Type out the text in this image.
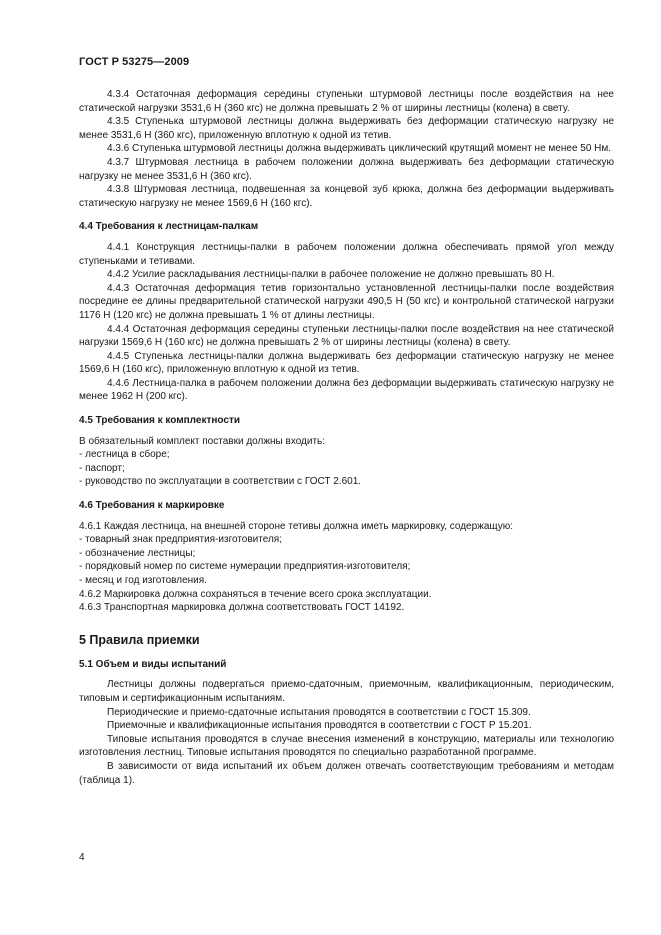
ГОСТ Р 53275—2009

4.3.4 Остаточная деформация середины ступеньки штурмовой лестницы после воздействия на нее статической нагрузки 3531,6 Н (360 кгс) не должна превышать 2 % от ширины лестницы (колена) в свету.

4.3.5 Ступенька штурмовой лестницы должна выдерживать без деформации статическую нагрузку не менее 3531,6 Н (360 кгс), приложенную вплотную к одной из тетив.

4.3.6 Ступенька штурмовой лестницы должна выдерживать циклический крутящий момент не менее 50 Нм.

4.3.7 Штурмовая лестница в рабочем положении должна выдерживать без деформации статическую нагрузку не менее 3531,6 Н (360 кгс).

4.3.8 Штурмовая лестница, подвешенная за концевой зуб крюка, должна без деформации выдерживать статическую нагрузку не менее 1569,6 Н (160 кгс).

4.4 Требования к лестницам-палкам

4.4.1 Конструкция лестницы-палки в рабочем положении должна обеспечивать прямой угол между ступеньками и тетивами.

4.4.2 Усилие раскладывания лестницы-палки в рабочее положение не должно превышать 80 Н.

4.4.3 Остаточная деформация тетив горизонтально установленной лестницы-палки после воздействия посредине ее длины предварительной статической нагрузки 490,5 Н (50 кгс) и контрольной статической нагрузки 1176 Н (120 кгс) не должна превышать 1 % от длины лестницы.

4.4.4 Остаточная деформация середины ступеньки лестницы-палки после воздействия на нее статической нагрузки 1569,6 Н (160 кгс) не должна превышать 2 % от ширины лестницы (колена) в свету.

4.4.5 Ступенька лестницы-палки должна выдерживать без деформации статическую нагрузку не менее 1569,6 Н (160 кгс), приложенную вплотную к одной из тетив.

4.4.6 Лестница-палка в рабочем положении должна без деформации выдерживать статическую нагрузку не менее 1962 Н (200 кгс).

4.5 Требования к комплектности

В обязательный комплект поставки должны входить:

- лестница в сборе;

- паспорт;

- руководство по эксплуатации в соответствии с ГОСТ 2.601.

4.6 Требования к маркировке

4.6.1 Каждая лестница, на внешней стороне тетивы должна иметь маркировку, содержащую:

- товарный знак предприятия-изготовителя;

- обозначение лестницы;

- порядковый номер по системе нумерации предприятия-изготовителя;

- месяц и год изготовления.

4.6.2 Маркировка должна сохраняться в течение всего срока эксплуатации.

4.6.3 Транспортная маркировка должна соответствовать ГОСТ 14192.

5 Правила приемки

5.1 Объем и виды испытаний

Лестницы должны подвергаться приемо-сдаточным, приемочным, квалификационным, периодическим, типовым и сертификационным испытаниям.

Периодические и приемо-сдаточные испытания проводятся в соответствии с ГОСТ 15.309.

Приемочные и квалификационные испытания проводятся в соответствии с ГОСТ Р 15.201.

Типовые испытания проводятся в случае внесения изменений в конструкцию, материалы или технологию изготовления лестниц. Типовые испытания проводятся по специально разработанной программе.

В зависимости от вида испытаний их объем должен отвечать соответствующим требованиям и методам (таблица 1).

4
